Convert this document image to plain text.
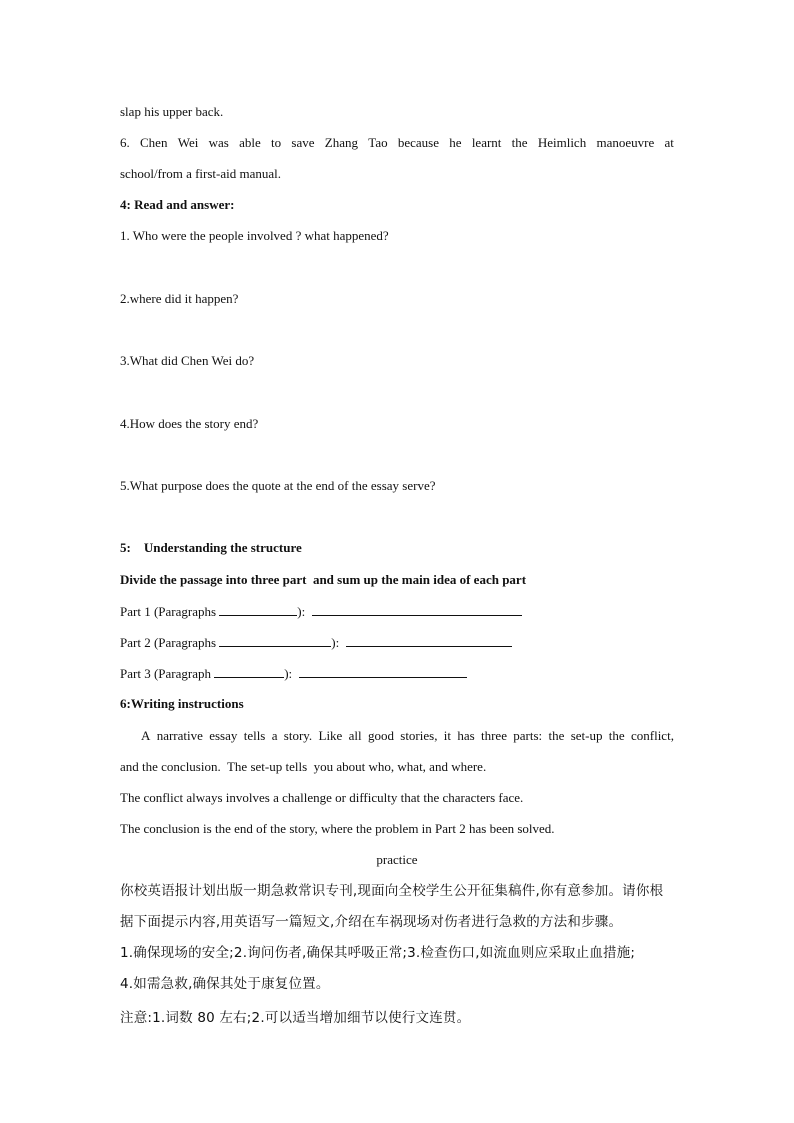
slap his upper back.
6. Chen Wei was able to save Zhang Tao because he learnt the Heimlich manoeuvre at
school/from a first-aid manual.
4: Read and answer:
1. Who were the people involved ? what happened?
2.where did it happen?
3.What did Chen Wei do?
4.How does the story end?
5.What purpose does the quote at the end of the essay serve?
5:    Understanding the structure
Divide the passage into three part  and sum up the main idea of each part
Part 1 (Paragraphs	):
Part 2 (Paragraphs	):
Part 3 (Paragraph	):
6:Writing instructions
A narrative essay tells a story. Like all good stories, it has three parts: the set-up the conflict,
and the conclusion.  The set-up tells  you about who, what, and where.
The conflict always involves a challenge or difficulty that the characters face.
The conclusion is the end of the story, where the problem in Part 2 has been solved.
practice
你校英语报计划出版一期急救常识专刊,现面向全校学生公开征集稿件,你有意参加。请你根
据下面提示内容,用英语写一篇短文,介绍在车祸现场对伤者进行急救的方法和步骤。
1.确保现场的安全;2.询问伤者,确保其呼吸正常;3.检查伤口,如流血则应采取止血措施;
4.如需急救,确保其处于康复位置。
注意:1.词数 80 左右;2.可以适当增加细节以使行文连贯。
